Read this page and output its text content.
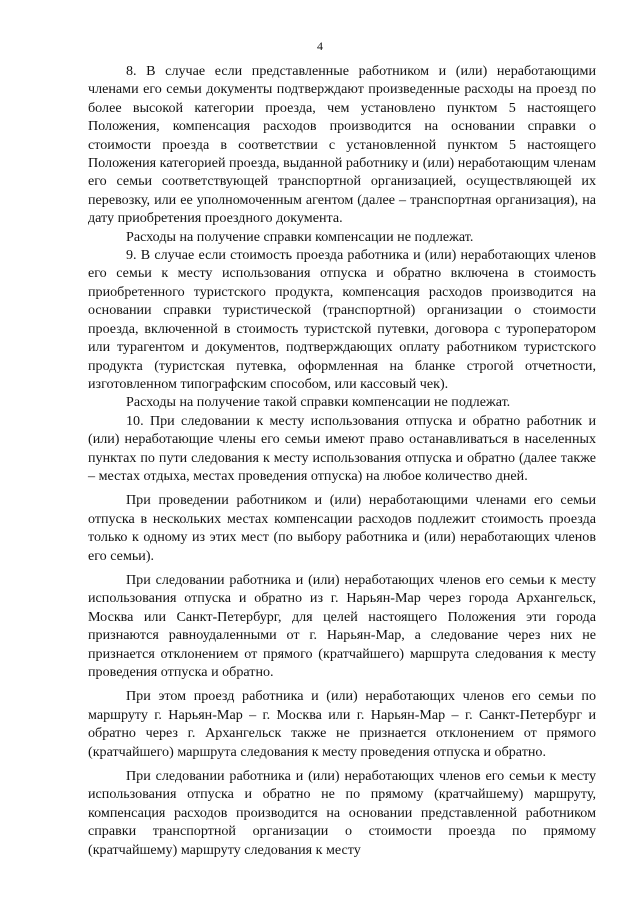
4

8. В случае если представленные работником и (или) неработающими членами его семьи документы подтверждают произведенные расходы на проезд по более высокой категории проезда, чем установлено пунктом 5 настоящего Положения, компенсация расходов производится на основании справки о стоимости проезда в соответствии с установленной пунктом 5 настоящего Положения категорией проезда, выданной работнику и (или) неработающим членам его семьи соответствующей транспортной организацией, осуществляющей их перевозку, или ее уполномоченным агентом (далее – транспортная организация), на дату приобретения проездного документа.

Расходы на получение справки компенсации не подлежат.

9. В случае если стоимость проезда работника и (или) неработающих членов его семьи к месту использования отпуска и обратно включена в стоимость приобретенного туристского продукта, компенсация расходов производится на основании справки туристической (транспортной) организации о стоимости проезда, включенной в стоимость туристской путевки, договора с туроператором или турагентом и документов, подтверждающих оплату работником туристского продукта (туристская путевка, оформленная на бланке строгой отчетности, изготовленном типографским способом, или кассовый чек).

Расходы на получение такой справки компенсации не подлежат.

10. При следовании к месту использования отпуска и обратно работник и (или) неработающие члены его семьи имеют право останавливаться в населенных пунктах по пути следования к месту использования отпуска и обратно (далее также – местах отдыха, местах проведения отпуска) на любое количество дней.

При проведении работником и (или) неработающими членами его семьи отпуска в нескольких местах компенсации расходов подлежит стоимость проезда только к одному из этих мест (по выбору работника и (или) неработающих членов его семьи).

При следовании работника и (или) неработающих членов его семьи к месту использования отпуска и обратно из г. Нарьян-Мар через города Архангельск, Москва или Санкт-Петербург, для целей настоящего Положения эти города признаются равноудаленными от г. Нарьян-Мар, а следование через них не признается отклонением от прямого (кратчайшего) маршрута следования к месту проведения отпуска и обратно.

При этом проезд работника и (или) неработающих членов его семьи по маршруту г. Нарьян-Мар – г. Москва или г. Нарьян-Мар – г. Санкт-Петербург и обратно через г. Архангельск также не признается отклонением от прямого (кратчайшего) маршрута следования к месту проведения отпуска и обратно.

При следовании работника и (или) неработающих членов его семьи к месту использования отпуска и обратно не по прямому (кратчайшему) маршруту, компенсация расходов производится на основании представленной работником справки транспортной организации о стоимости проезда по прямому (кратчайшему) маршруту следования к месту
